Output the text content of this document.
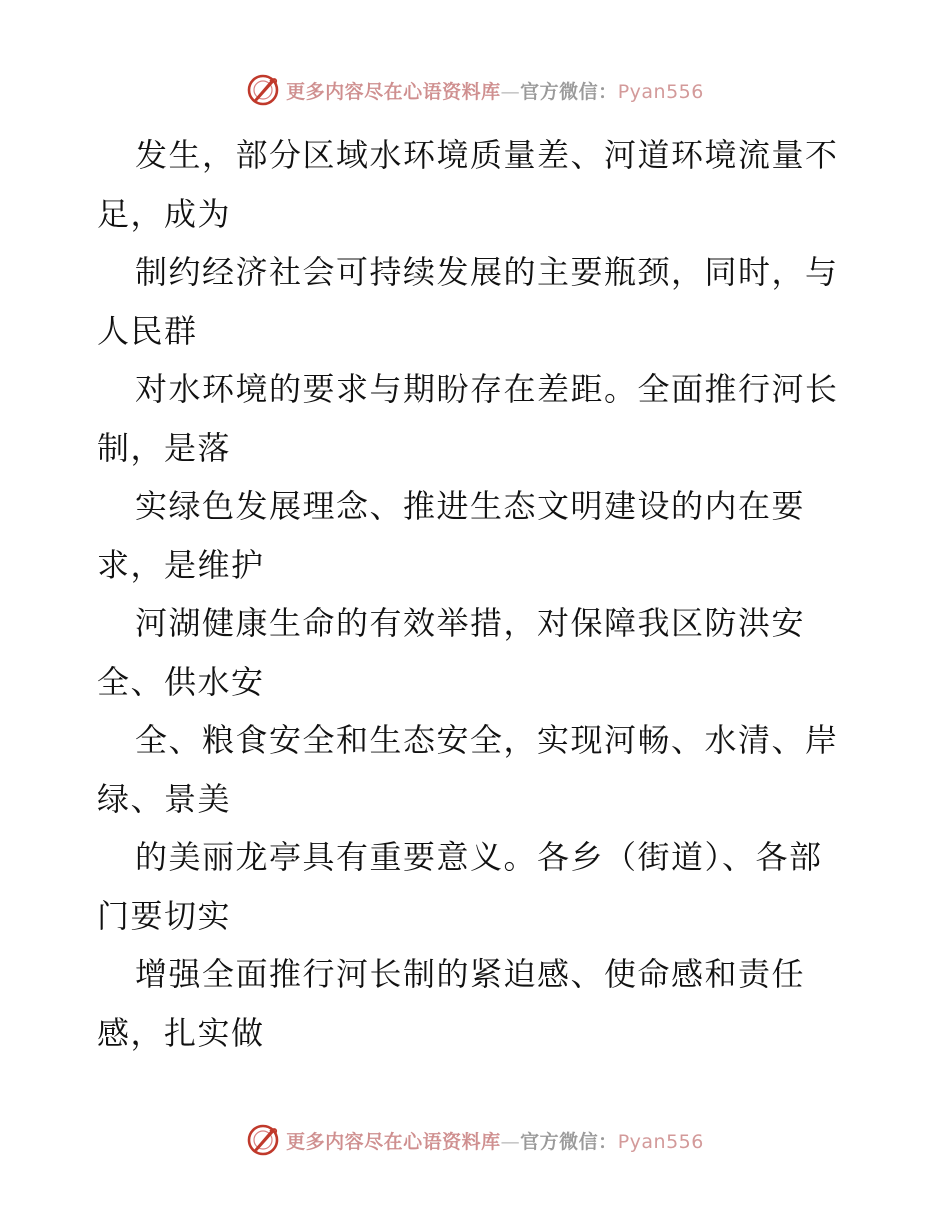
更多内容尽在心语资料库—官方微信：Pyan556
发生，部分区域水环境质量差、河道环境流量不
足，成为
制约经济社会可持续发展的主要瓶颈，同时，与
人民群
对水环境的要求与期盼存在差距。全面推行河长
制，是落
实绿色发展理念、推进生态文明建设的内在要
求，是维护
河湖健康生命的有效举措，对保障我区防洪安
全、供水安
全、粮食安全和生态安全，实现河畅、水清、岸
绿、景美
的美丽龙亭具有重要意义。各乡（街道）、各部
门要切实
增强全面推行河长制的紧迫感、使命感和责任
感，扎实做
更多内容尽在心语资料库—官方微信：Pyan556
